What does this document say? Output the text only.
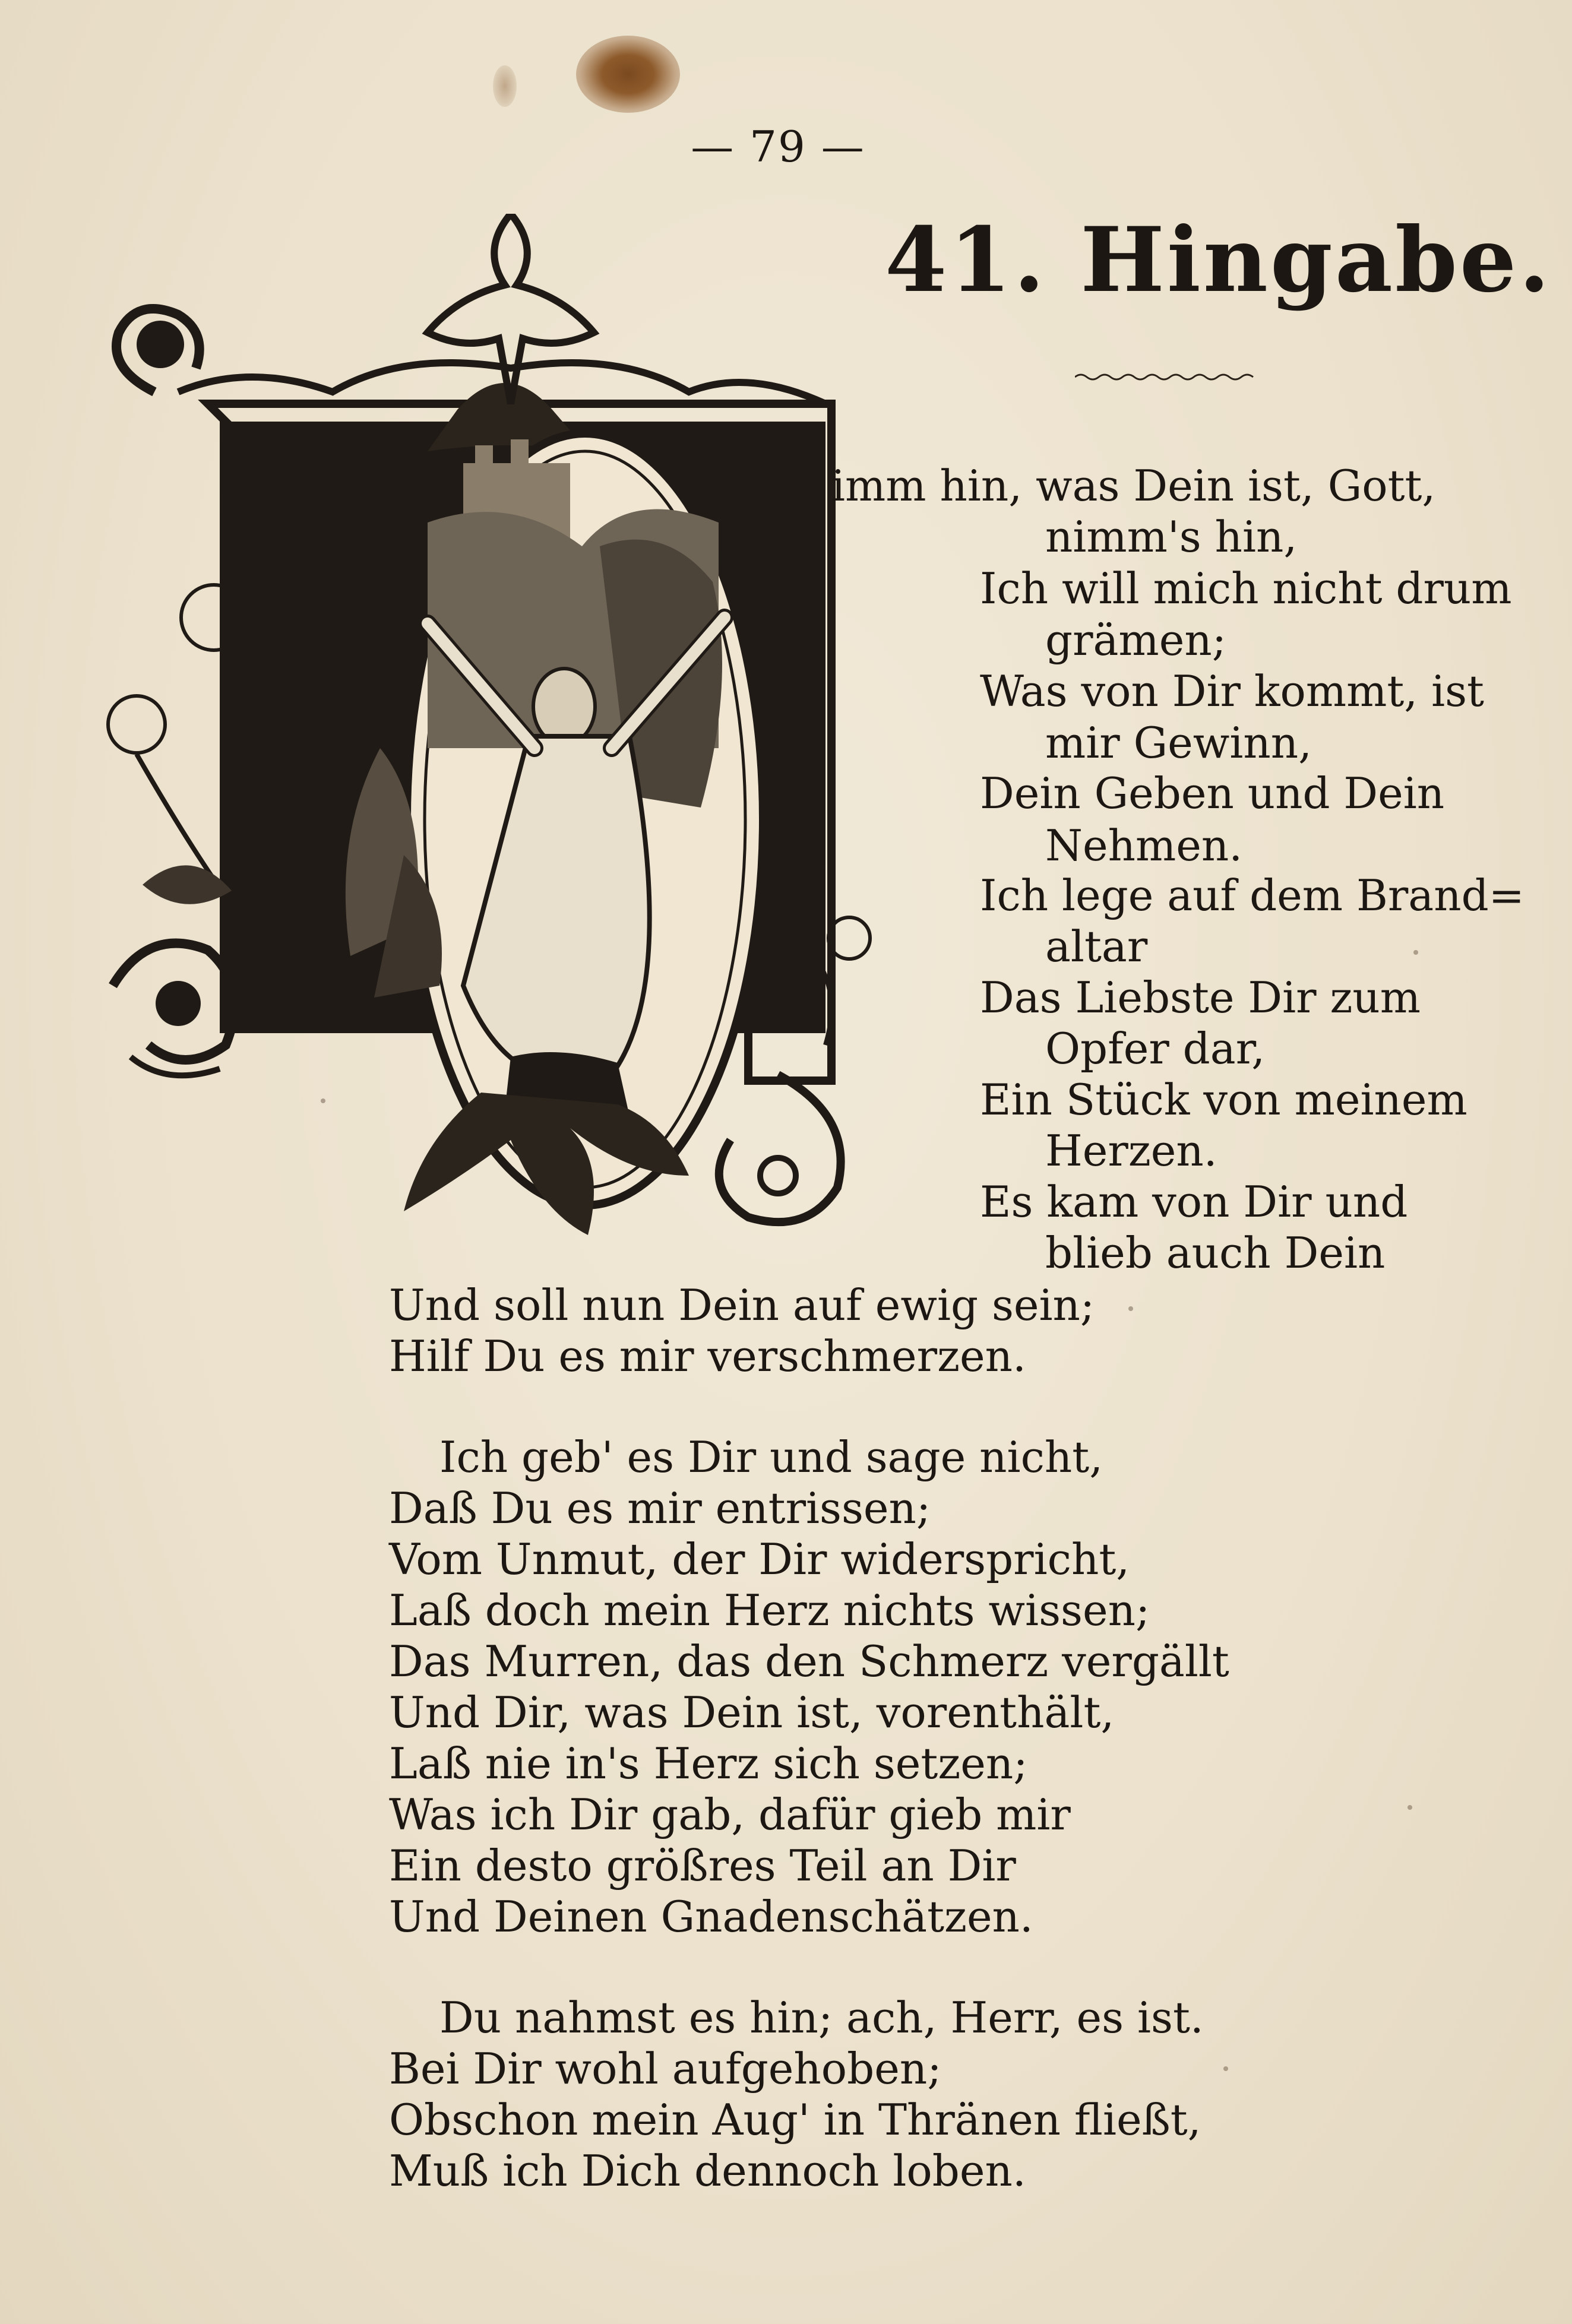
— 79 —
41. Hingabe.
imm hin, was Dein ist, Gott,
nimm's hin,
Ich will mich nicht drum
grämen;
Was von Dir kommt, ist
mir Gewinn,
Dein Geben und Dein
Nehmen.
Ich lege auf dem Brand=
altar
Das Liebste Dir zum
Opfer dar,
Ein Stück von meinem
Herzen.
Es kam von Dir und
blieb auch Dein
Und soll nun Dein auf ewig sein;
Hilf Du es mir verschmerzen.
Ich geb' es Dir und sage nicht,
Daß Du es mir entrissen;
Vom Unmut, der Dir widerspricht,
Laß doch mein Herz nichts wissen;
Das Murren, das den Schmerz vergällt
Und Dir, was Dein ist, vorenthält,
Laß nie in's Herz sich setzen;
Was ich Dir gab, dafür gieb mir
Ein desto größres Teil an Dir
Und Deinen Gnadenschätzen.
Du nahmst es hin; ach, Herr, es ist.
Bei Dir wohl aufgehoben;
Obschon mein Aug' in Thränen fließt,
Muß ich Dich dennoch loben.
